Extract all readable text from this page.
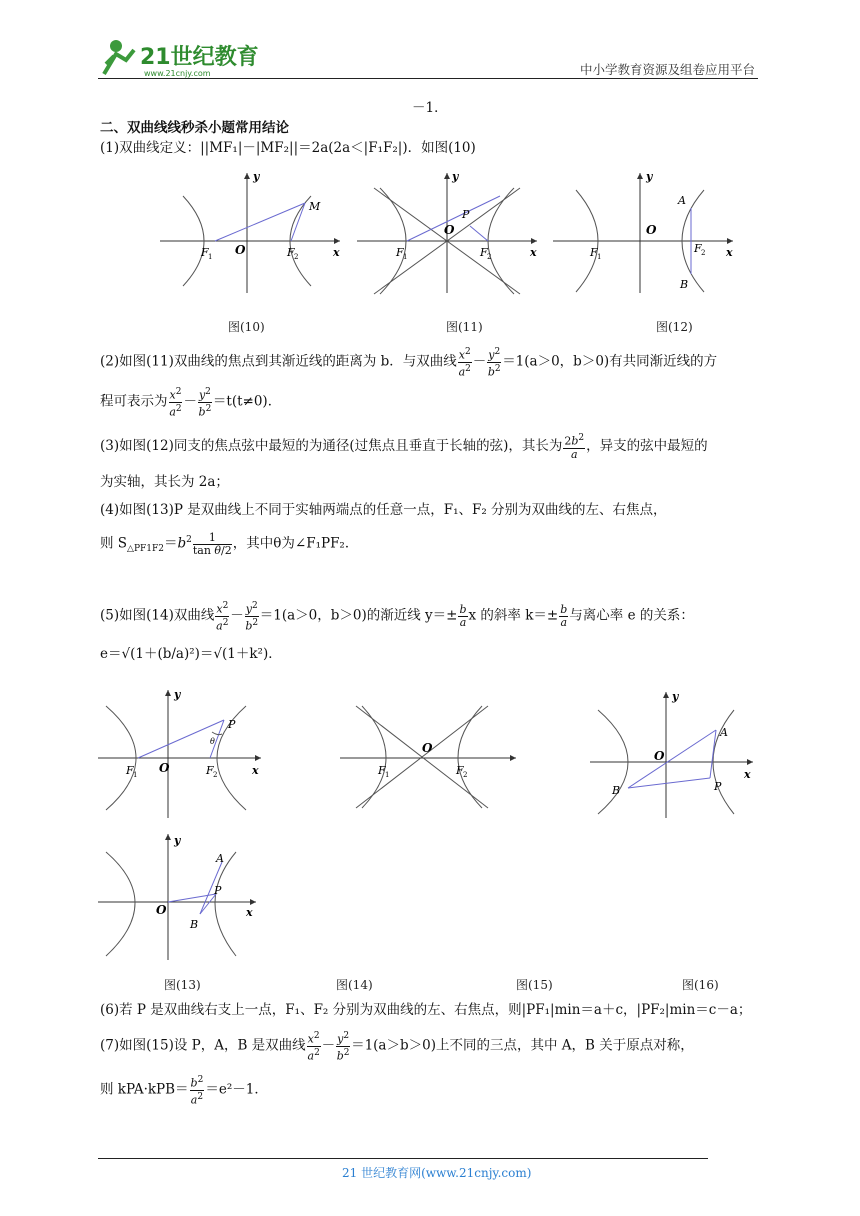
21世纪教育
www.21cnjy.com	中小学教育资源及组卷应用平台
－1．
二、双曲线线秒杀小题常用结论
(1)双曲线定义：||MF₁|－|MF₂||＝2a(2a＜|F₁F₂|)．如图(10)
y
x
O
F 1	F 2
M
图(10)
y
x
O
F 1	F 2
P
图(11)
y
x
O
F 1
F 2
A
B
图(12)
(2)如图(11)双曲线的焦点到其渐近线的距离为 b．与双曲线 $\frac{x^2}{a^2} - \frac{y^2}{b^2} =1(a>0$，b＞0)有共同渐近线的方
程可表示为 $\frac{x^2}{a^2} - \frac{y^2}{b^2} =t(t\ne 0)$．
(3)如图(12)同支的焦点弦中最短的为通径(过焦点且垂直于长轴的弦)，其长为 $\frac{2b^2}{a}$ ，异支的弦中最短的
为实轴，其长为 2a；
(4)如图(13)P 是双曲线上不同于实轴两端点的任意一点，F₁、F₂ 分别为双曲线的左、右焦点，
则 $S_{\triangle PF1F2}=b^2 \frac{1}{\text{tan θ/2}}$ ，其中θ为∠F₁PF₂．
(5)如图(14)双曲线 $\frac{x^2}{a^2} - \frac{y^2}{b^2} =1(a>0$，b＞0)的渐近线 $y=\pm \frac{b}{a}$ x 的斜率 $k=\pm \frac{b}{a}$ 与离心率 e 的关系：
e＝√(1＋(b/a)²)＝√(1＋k²)．
y
x
O
F 1	F 2
P
θ	O
F 1	F 2
y
x
O
A
B	P
y
x
O
A
P
B
图(13)	图(14)	图(15)	图(16)
(6)若 P 是双曲线右支上一点，F₁、F₂ 分别为双曲线的左、右焦点，则|PF₁|min＝a＋c，|PF₂|min＝c－a；
(7)如图(15)设 P，A，B 是双曲线 $\frac{x^2}{a^2} - \frac{y^2}{b^2} =1(a>b>0)$上不同的三点，其中 A，B 关于原点对称，
则 $kPA\cdot kPB= \frac{b^2}{a^2} =e^2-1$．
21 世纪教育网(www.21cnjy.com)
